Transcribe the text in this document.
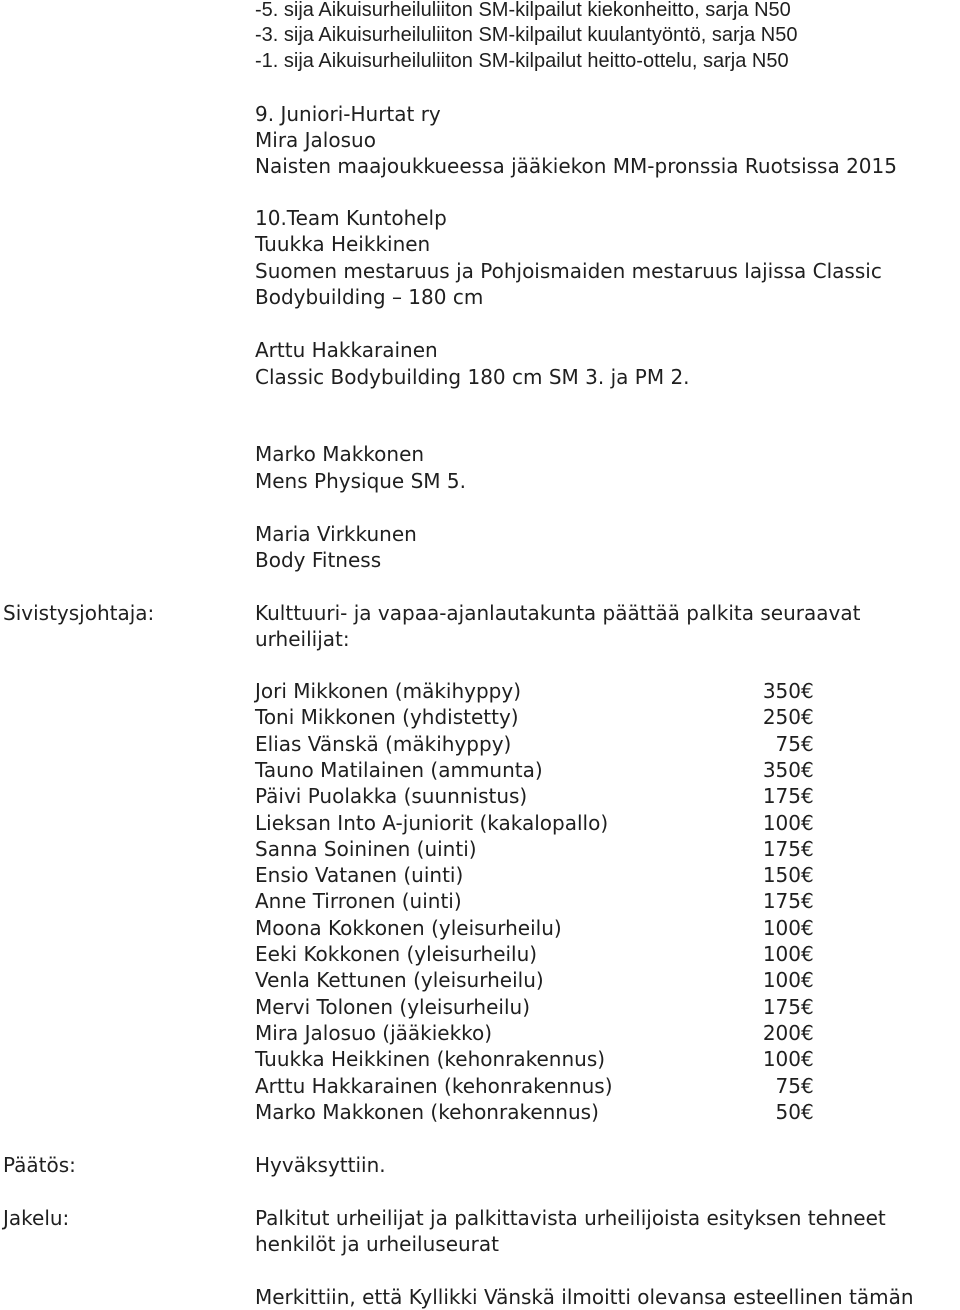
-5. sija Aikuisurheiluliiton SM-kilpailut kiekonheitto, sarja N50
-3. sija Aikuisurheiluliiton SM-kilpailut kuulantyöntö, sarja N50
-1. sija Aikuisurheiluliiton SM-kilpailut heitto-ottelu, sarja N50
9. Juniori-Hurtat ry
Mira Jalosuo
Naisten maajoukkueessa jääkiekon MM-pronssia Ruotsissa 2015
10.Team Kuntohelp
Tuukka Heikkinen
Suomen mestaruus ja Pohjoismaiden mestaruus lajissa Classic
Bodybuilding – 180 cm
Arttu Hakkarainen
Classic Bodybuilding 180 cm SM 3. ja PM 2.
Marko Makkonen
Mens Physique SM 5.
Maria Virkkunen
Body Fitness
Sivistysjohtaja:	Kulttuuri- ja vapaa-ajanlautakunta päättää palkita seuraavat
urheilijat:
Jori Mikkonen (mäkihyppy)	350€
Toni Mikkonen (yhdistetty)	250€
Elias Vänskä (mäkihyppy)	75€
Tauno Matilainen (ammunta)	350€
Päivi Puolakka (suunnistus)	175€
Lieksan Into A-juniorit (kakalopallo)	100€
Sanna Soininen (uinti)	175€
Ensio Vatanen (uinti)	150€
Anne Tirronen (uinti)	175€
Moona Kokkonen (yleisurheilu)	100€
Eeki Kokkonen (yleisurheilu)	100€
Venla Kettunen (yleisurheilu)	100€
Mervi Tolonen (yleisurheilu)	175€
Mira Jalosuo (jääkiekko)	200€
Tuukka Heikkinen (kehonrakennus)	100€
Arttu Hakkarainen (kehonrakennus)	75€
Marko Makkonen (kehonrakennus)	50€
Päätös:	Hyväksyttiin.
Jakelu:	Palkitut urheilijat ja palkittavista urheilijoista esityksen tehneet
henkilöt ja urheiluseurat
Merkittiin, että Kyllikki Vänskä ilmoitti olevansa esteellinen tämän
